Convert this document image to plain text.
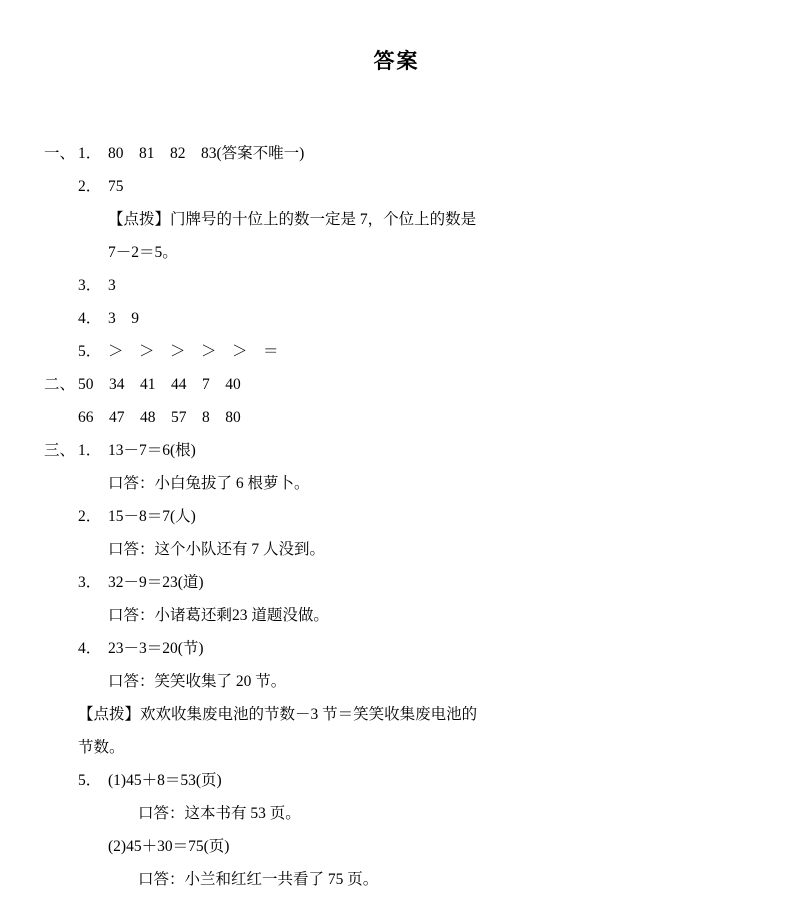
答案
一、 1． 80　81　82　83(答案不唯一)
2． 75
【点拨】门牌号的十位上的数一定是 7，个位上的数是
7－2＝5。
3． 3
4． 3　9
5． ＞　＞　＞　＞　＞　＝
二、 50　34　41　44　7　40
66　47　48　57　8　80
三、 1． 13－7＝6(根)
口答：小白兔拔了 6 根萝卜。
2． 15－8＝7(人)
口答：这个小队还有 7 人没到。
3． 32－9＝23(道)
口答：小诸葛还剩23 道题没做。
4． 23－3＝20(节)
口答：笑笑收集了 20 节。
【点拨】欢欢收集废电池的节数－3 节＝笑笑收集废电池的
节数。
5． (1)45＋8＝53(页)
口答：这本书有 53 页。
(2)45＋30＝75(页)
口答：小兰和红红一共看了 75 页。
